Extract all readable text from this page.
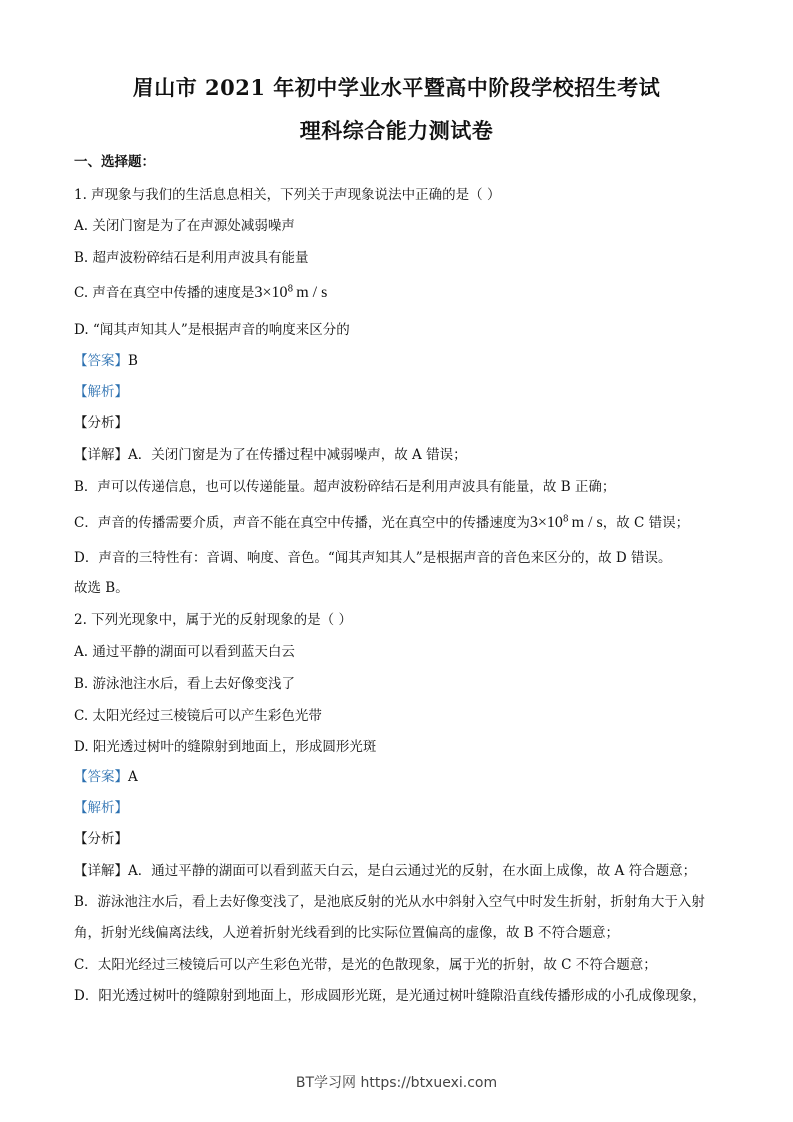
眉山市 2021 年初中学业水平暨高中阶段学校招生考试
理科综合能力测试卷
一、选择题：
1. 声现象与我们的生活息息相关，下列关于声现象说法中正确的是（ ）
A. 关闭门窗是为了在声源处减弱噪声
B. 超声波粉碎结石是利用声波具有能量
C. 声音在真空中传播的速度是$3\times 10^8$ m / s
D. “闻其声知其人”是根据声音的响度来区分的
【答案】B
【解析】
【分析】
【详解】A．关闭门窗是为了在传播过程中减弱噪声，故 A 错误；
B．声可以传递信息，也可以传递能量。超声波粉碎结石是利用声波具有能量，故 B 正确；
C．声音的传播需要介质，声音不能在真空中传播，光在真空中的传播速度为$3\times 10^8$ m / s，故 C 错误；
D．声音的三特性有：音调、响度、音色。“闻其声知其人”是根据声音的音色来区分的，故 D 错误。
故选 B。
2. 下列光现象中，属于光的反射现象的是（ ）
A. 通过平静的湖面可以看到蓝天白云
B. 游泳池注水后，看上去好像变浅了
C. 太阳光经过三棱镜后可以产生彩色光带
D. 阳光透过树叶的缝隙射到地面上，形成圆形光斑
【答案】A
【解析】
【分析】
【详解】A．通过平静的湖面可以看到蓝天白云，是白云通过光的反射，在水面上成像，故 A 符合题意；
B．游泳池注水后，看上去好像变浅了，是池底反射的光从水中斜射入空气中时发生折射，折射角大于入射
角，折射光线偏离法线，人逆着折射光线看到的比实际位置偏高的虚像，故 B 不符合题意；
C．太阳光经过三棱镜后可以产生彩色光带，是光的色散现象，属于光的折射，故 C 不符合题意；
D．阳光透过树叶的缝隙射到地面上，形成圆形光斑，是光通过树叶缝隙沿直线传播形成的小孔成像现象，
BT学习网 https://btxuexi.com
